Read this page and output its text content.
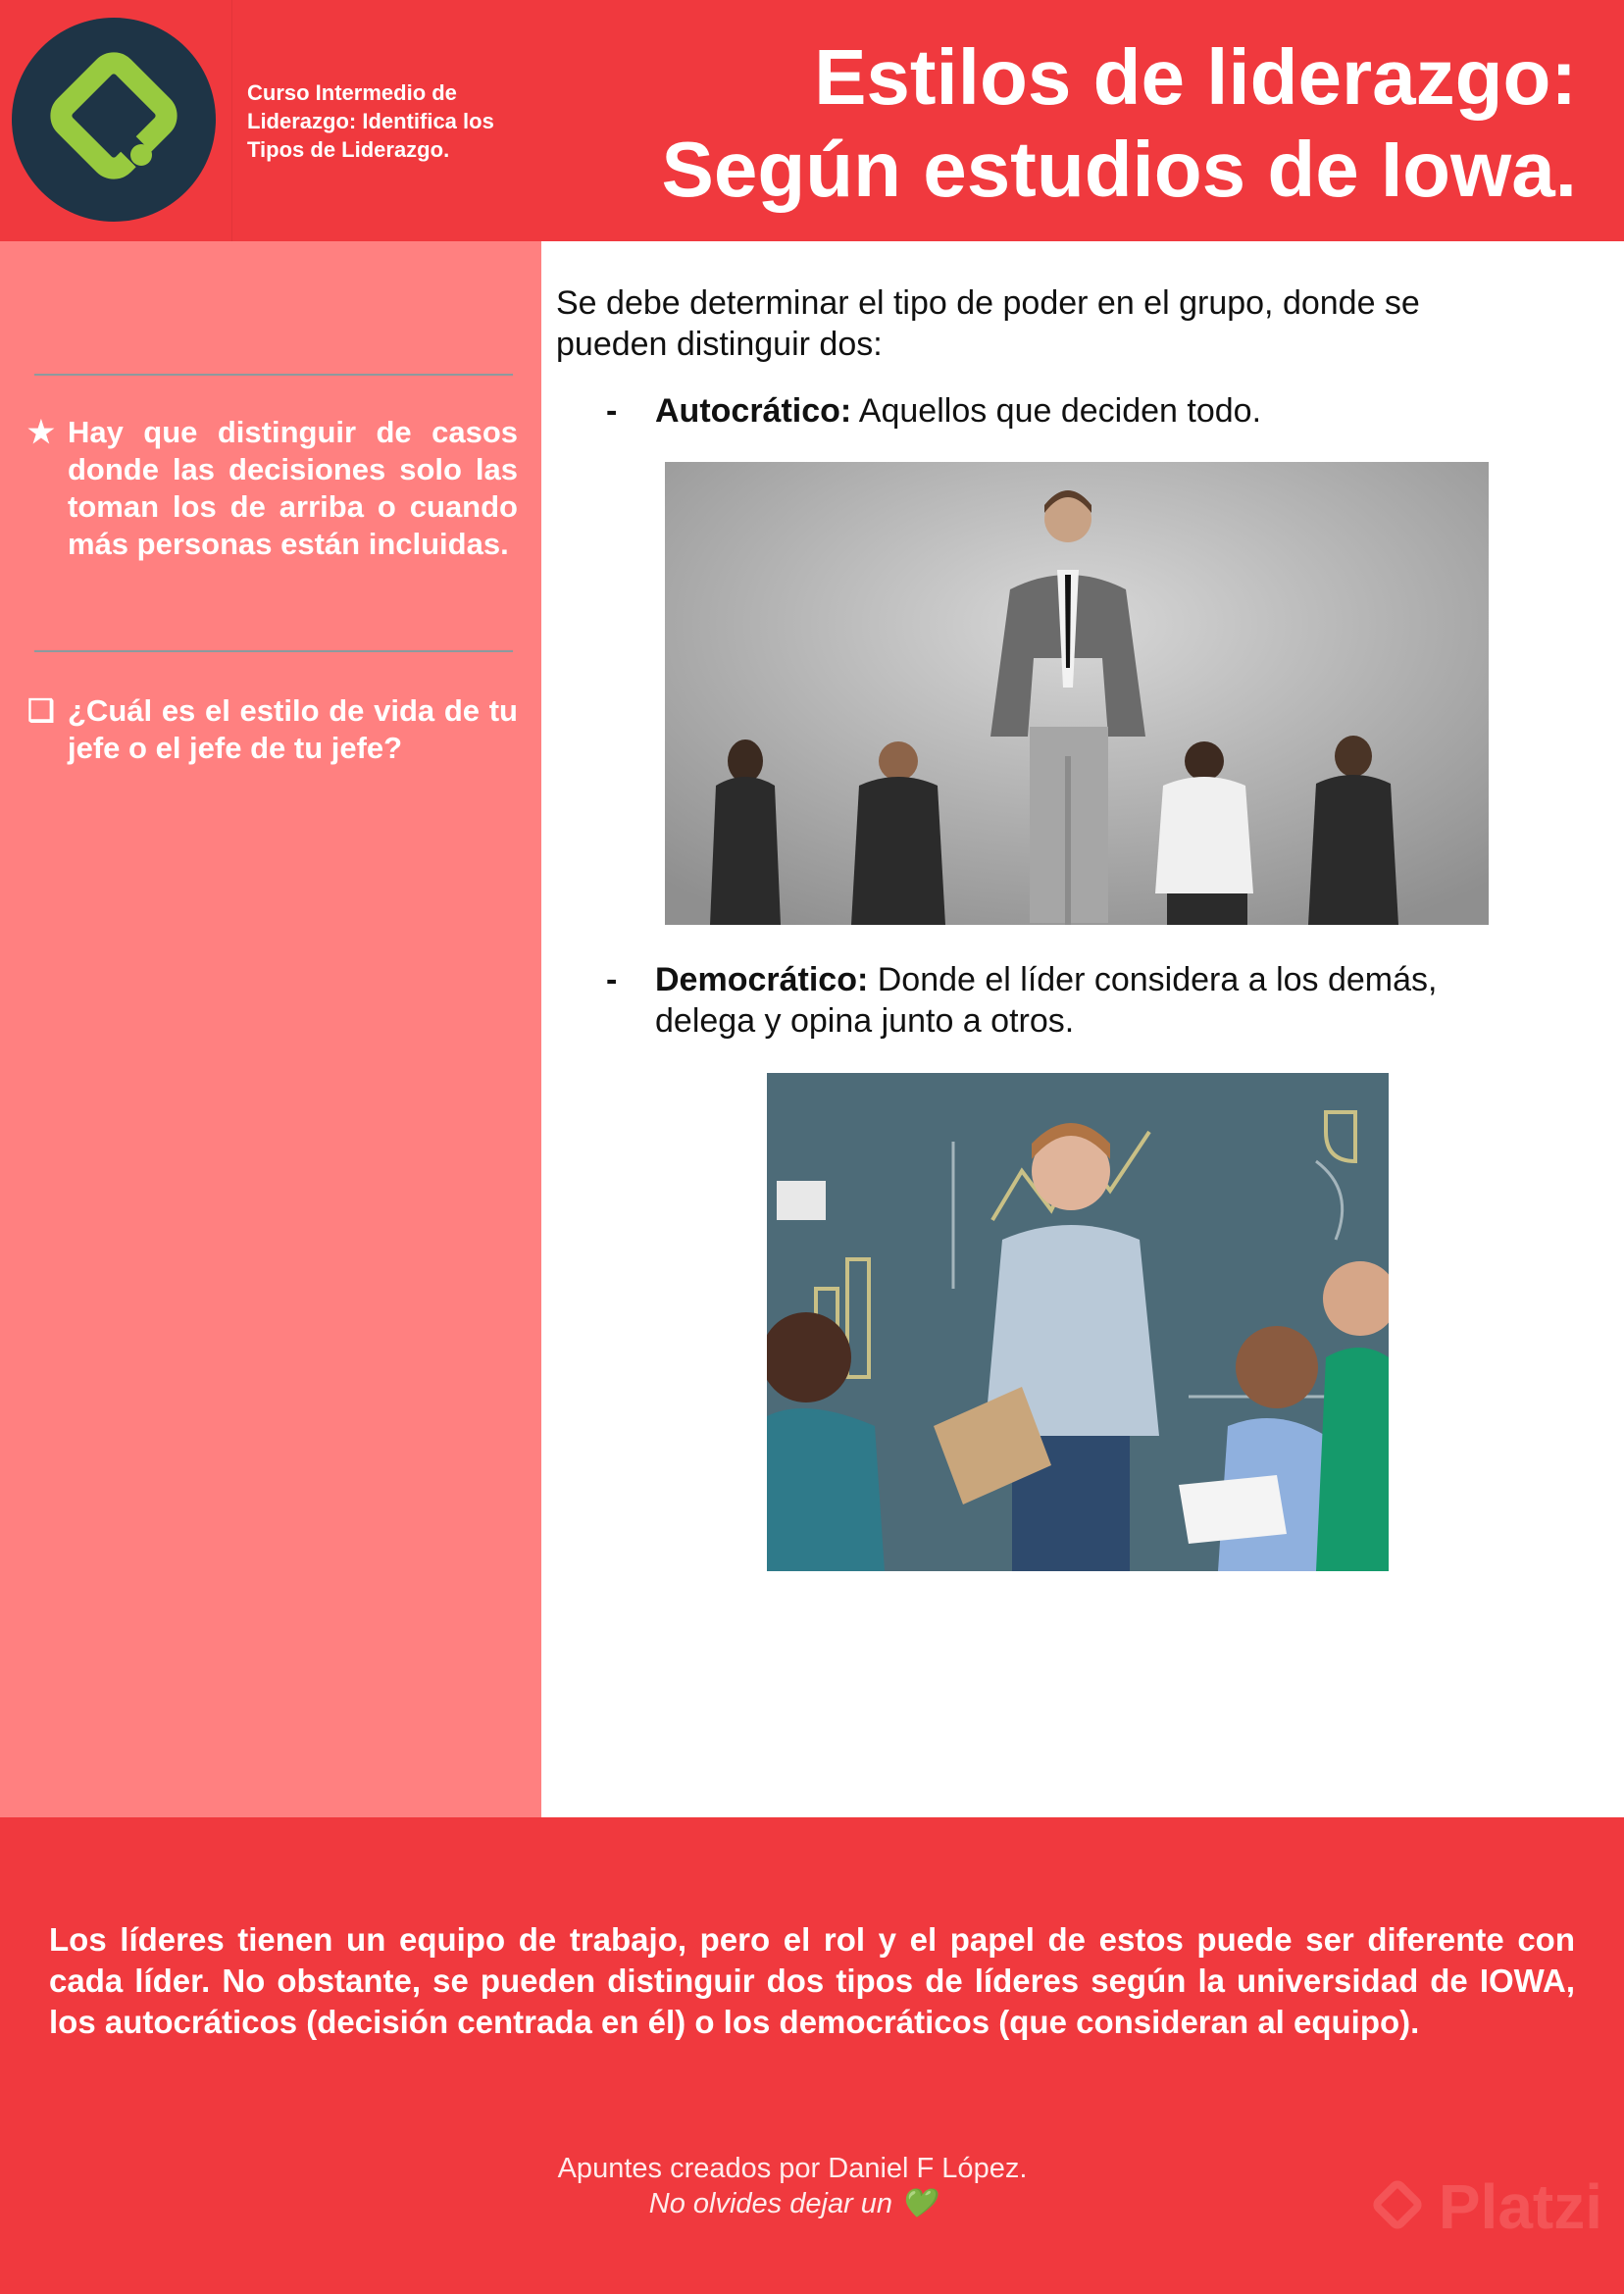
Curso Intermedio de Liderazgo: Identifica los Tipos de Liderazgo.
Estilos de liderazgo:
Según estudios de Iowa.
★ Hay que distinguir de casos donde las decisiones solo las toman los de arriba o cuando más personas están incluidas.
❑ ¿Cuál es el estilo de vida de tu jefe o el jefe de tu jefe?
Se debe determinar el tipo de poder en el grupo, donde se pueden distinguir dos:
- Autocrático: Aquellos que deciden todo.
- Democrático: Donde el líder considera a los demás, delega y opina junto a otros.
Los líderes tienen un equipo de trabajo, pero el rol y el papel de estos puede ser diferente con cada líder. No obstante, se pueden distinguir dos tipos de líderes según la universidad de IOWA, los autocráticos (decisión centrada en él) o los democráticos (que consideran al equipo).
Apuntes creados por Daniel F López.
No olvides dejar un 💚	Platzi
